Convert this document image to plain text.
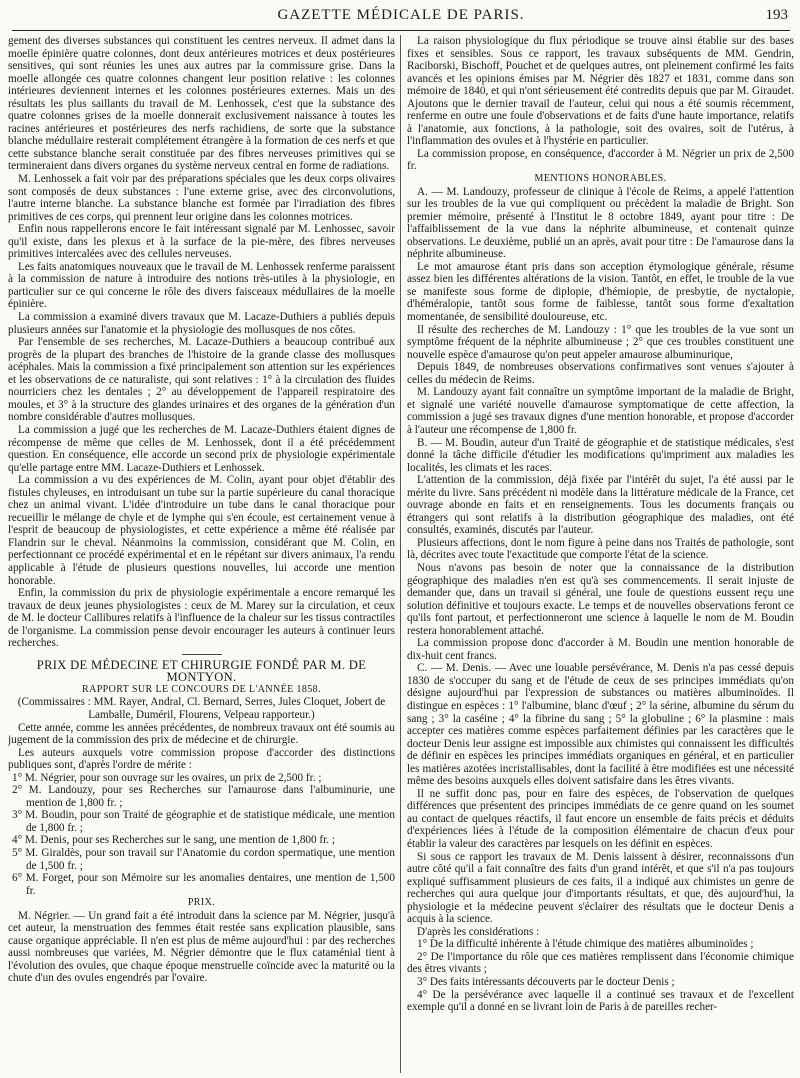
GAZETTE MÉDICALE DE PARIS.	193

gement des diverses substances qui constituent les centres nerveux. Il admet dans la moelle épinière quatre colonnes, dont deux antérieures motrices et deux postérieures sensitives, qui sont réunies les unes aux autres par la commissure grise. Dans la moelle allongée ces quatre colonnes changent leur position relative : les colonnes intérieures deviennent internes et les colonnes postérieures externes. Mais un des résultats les plus saillants du travail de M. Lenhossek, c'est que la substance des quatre colonnes grises de la moelle donnerait exclusivement naissance à toutes les racines antérieures et postérieures des nerfs rachidiens, de sorte que la substance blanche médullaire resterait complétement étrangère à la formation de ces nerfs et que cette substance blanche serait constituée par des fibres nerveuses primitives qui se termineraient dans divers organes du système nerveux central en forme de radiations.

M. Lenhossek a fait voir par des préparations spéciales que les deux corps olivaires sont composés de deux substances : l'une externe grise, avec des circonvolutions, l'autre interne blanche. La substance blanche est formée par l'irradiation des fibres primitives de ces corps, qui prennent leur origine dans les colonnes motrices.

Enfin nous rappellerons encore le fait intéressant signalé par M. Lenhossec, savoir qu'il existe, dans les plexus et à la surface de la pie-mère, des fibres nerveuses primitives intercalées avec des cellules nerveuses.

Les faits anatomiques nouveaux que le travail de M. Lenhossek renferme paraissent à la commission de nature à introduire des notions très-utiles à la physiologie, en particulier sur ce qui concerne le rôle des divers faisceaux médullaires de la moelle épinière.

La commission a examiné divers travaux que M. Lacaze-Duthiers a publiés depuis plusieurs années sur l'anatomie et la physiologie des mollusques de nos côtes.

Par l'ensemble de ses recherches, M. Lacaze-Duthiers a beaucoup contribué aux progrès de la plupart des branches de l'histoire de la grande classe des mollusques acéphales. Mais la commission a fixé principalement son attention sur les expériences et les observations de ce naturaliste, qui sont relatives : 1° à la circulation des fluides nourriciers chez les dentales ; 2° au développement de l'appareil respiratoire des moules, et 3° à la structure des glandes urinaires et des organes de la génération d'un nombre considérable d'autres mollusques.

La commission a jugé que les recherches de M. Lacaze-Duthiers étaient dignes de récompense de même que celles de M. Lenhossek, dont il a été précédemment question. En conséquence, elle accorde un second prix de physiologie expérimentale qu'elle partage entre MM. Lacaze-Duthiers et Lenhossek.

La commission a vu des expériences de M. Colin, ayant pour objet d'établir des fistules chyleuses, en introduisant un tube sur la partie supérieure du canal thoracique chez un animal vivant. L'idée d'introduire un tube dans le canal thoracique pour recueillir le mélange de chyle et de lymphe qui s'en écoule, est certainement venue à l'esprit de beaucoup de physiologistes, et cette expérience a même été réalisée par Flandrin sur le cheval. Néanmoins la commission, considérant que M. Colin, en perfectionnant ce procédé expérimental et en le répétant sur divers animaux, l'a rendu applicable à l'étude de plusieurs questions nouvelles, lui accorde une mention honorable.

Enfin, la commission du prix de physiologie expérimentale a encore remarqué les travaux de deux jeunes physiologistes : ceux de M. Marey sur la circulation, et ceux de M. le docteur Callibures relatifs à l'influence de la chaleur sur les tissus contractiles de l'organisme. La commission pense devoir encourager les auteurs à continuer leurs recherches.

PRIX DE MÉDECINE ET CHIRURGIE FONDÉ PAR M. DE MONTYON.

RAPPORT SUR LE CONCOURS DE L'ANNÉE 1858.

(Commissaires : MM. Rayer, Andral, Cl. Bernard, Serres, Jules Cloquet, Jobert de Lamballe, Duméril, Flourens, Velpeau rapporteur.)

Cette année, comme les années précédentes, de nombreux travaux ont été soumis au jugement de la commission des prix de médecine et de chirurgie.

Les auteurs auxquels votre commission propose d'accorder des distinctions publiques sont, d'après l'ordre de mérite :

1° M. Négrier, pour son ouvrage sur les ovaires, un prix de 2,500 fr. ;

2° M. Landouzy, pour ses Recherches sur l'amaurose dans l'albuminurie, une mention de 1,800 fr. ;

3° M. Boudin, pour son Traité de géographie et de statistique médicale, une mention de 1,800 fr. ;

4° M. Denis, pour ses Recherches sur le sang, une mention de 1,800 fr. ;

5° M. Giraldès, pour son travail sur l'Anatomie du cordon spermatique, une mention de 1,500 fr. ;

6° M. Forget, pour son Mémoire sur les anomalies dentaires, une mention de 1,500 fr.

PRIX.

M. Négrier. — Un grand fait a été introduit dans la science par M. Négrier, jusqu'à cet auteur, la menstruation des femmes était restée sans explication plausible, sans cause organique appréciable. Il n'en est plus de même aujourd'hui : par des recherches aussi nombreuses que variées, M. Négrier démontre que le flux cataménial tient à l'évolution des ovules, que chaque époque menstruelle coïncide avec la maturité ou la chute d'un des ovules engendrés par l'ovaire.

La raison physiologique du flux périodique se trouve ainsi établie sur des bases fixes et sensibles. Sous ce rapport, les travaux subséquents de MM. Gendrin, Raciborski, Bischoff, Pouchet et de quelques autres, ont pleinement confirmé les faits avancés et les opinions émises par M. Négrier dès 1827 et 1831, comme dans son mémoire de 1840, et qui n'ont sérieusement été contredits depuis que par M. Giraudet. Ajoutons que le dernier travail de l'auteur, celui qui nous a été soumis récemment, renferme en outre une foule d'observations et de faits d'une haute importance, relatifs à l'anatomie, aux fonctions, à la pathologie, soit des ovaires, soit de l'utérus, à l'inflammation des ovules et à l'hystérie en particulier.

La commission propose, en conséquence, d'accorder à M. Négrier un prix de 2,500 fr.

MENTIONS HONORABLES.

A. — M. Landouzy, professeur de clinique à l'école de Reims, a appelé l'attention sur les troubles de la vue qui compliquent ou précèdent la maladie de Bright. Son premier mémoire, présenté à l'Institut le 8 octobre 1849, ayant pour titre : De l'affaiblissement de la vue dans la néphrite albumineuse, et contenait quinze observations. Le deuxième, publié un an après, avait pour titre : De l'amaurose dans la néphrite albumineuse.

Le mot amaurose étant pris dans son acception étymologique générale, résume assez bien les différentes altérations de la vision. Tantôt, en effet, le trouble de la vue se manifeste sous forme de diplopie, d'hémiopie, de presbytie, de nyctalopie, d'héméralopie, tantôt sous forme de faiblesse, tantôt sous forme d'exaltation momentanée, de sensibilité douloureuse, etc.

Il résulte des recherches de M. Landouzy : 1° que les troubles de la vue sont un symptôme fréquent de la néphrite albumineuse ; 2° que ces troubles constituent une nouvelle espèce d'amaurose qu'on peut appeler amaurose albuminurique,

Depuis 1849, de nombreuses observations confirmatives sont venues s'ajouter à celles du médecin de Reims.

M. Landouzy ayant fait connaître un symptôme important de la maladie de Bright, et signalé une variété nouvelle d'amaurose symptomatique de cette affection, la commission a jugé ses travaux dignes d'une mention honorable, et propose d'accorder à l'auteur une récompense de 1,800 fr.

B. — M. Boudin, auteur d'un Traité de géographie et de statistique médicales, s'est donné la tâche difficile d'étudier les modifications qu'impriment aux maladies les localités, les climats et les races.

L'attention de la commission, déjà fixée par l'intérêt du sujet, l'a été aussi par le mérite du livre. Sans précédent ni modèle dans la littérature médicale de la France, cet ouvrage abonde en faits et en renseignements. Tous les documents français ou étrangers qui sont relatifs à la distribution géographique des maladies, ont été consultés, examinés, discutés par l'auteur.

Plusieurs affections, dont le nom figure à peine dans nos Traités de pathologie, sont là, décrites avec toute l'exactitude que comporte l'état de la science.

Nous n'avons pas besoin de noter que la connaissance de la distribution géographique des maladies n'en est qu'à ses commencements. Il serait injuste de demander que, dans un travail si général, une foule de questions eussent reçu une solution définitive et toujours exacte. Le temps et de nouvelles observations feront ce qu'ils font partout, et perfectionneront une science à laquelle le nom de M. Boudin restera honorablement attaché.

La commission propose donc d'accorder à M. Boudin une mention honorable de dix-huit cent francs.

C. — M. Denis. — Avec une louable persévérance, M. Denis n'a pas cessé depuis 1830 de s'occuper du sang et de l'étude de ceux de ses principes immédiats qu'on désigne aujourd'hui par l'expression de substances ou matières albuminoïdes. Il distingue en espèces : 1° l'albumine, blanc d'œuf ; 2° la sérine, albumine du sérum du sang ; 3° la caséine ; 4° la fibrine du sang ; 5° la globuline ; 6° la plasmine : mais accepter ces matières comme espèces parfaitement définies par les caractères que le docteur Denis leur assigne est impossible aux chimistes qui connaissent les difficultés de définir en espèces les principes immédiats organiques en général, et en particulier les matières azotées incristallisables, dont la facilité à être modifiées est une nécessité même des besoins auxquels elles doivent satisfaire dans les êtres vivants.

Il ne suffit donc pas, pour en faire des espèces, de l'observation de quelques différences que présentent des principes immédiats de ce genre quand on les soumet au contact de quelques réactifs, il faut encore un ensemble de faits précis et déduits d'expériences liées à l'étude de la composition élémentaire de chacun d'eux pour établir la valeur des caractères par lesquels on les définit en espèces.

Si sous ce rapport les travaux de M. Denis laissent à désirer, reconnaissons d'un autre côté qu'il a fait connaître des faits d'un grand intérêt, et que s'il n'a pas toujours expliqué suffisamment plusieurs de ces faits, il a indiqué aux chimistes un genre de recherches qui aura quelque jour d'importants résultats, et que, dès aujourd'hui, la physiologie et la médecine peuvent s'éclairer des résultats que le docteur Denis a acquis à la science.

D'après les considérations :

1° De la difficulté inhérente à l'étude chimique des matières albuminoïdes ;

2° De l'importance du rôle que ces matières remplissent dans l'économie chimique des êtres vivants ;

3° Des faits intéressants découverts par le docteur Denis ;

4° De la persévérance avec laquelle il a continué ses travaux et de l'excellent exemple qu'il a donné en se livrant loin de Paris à de pareilles recher-
